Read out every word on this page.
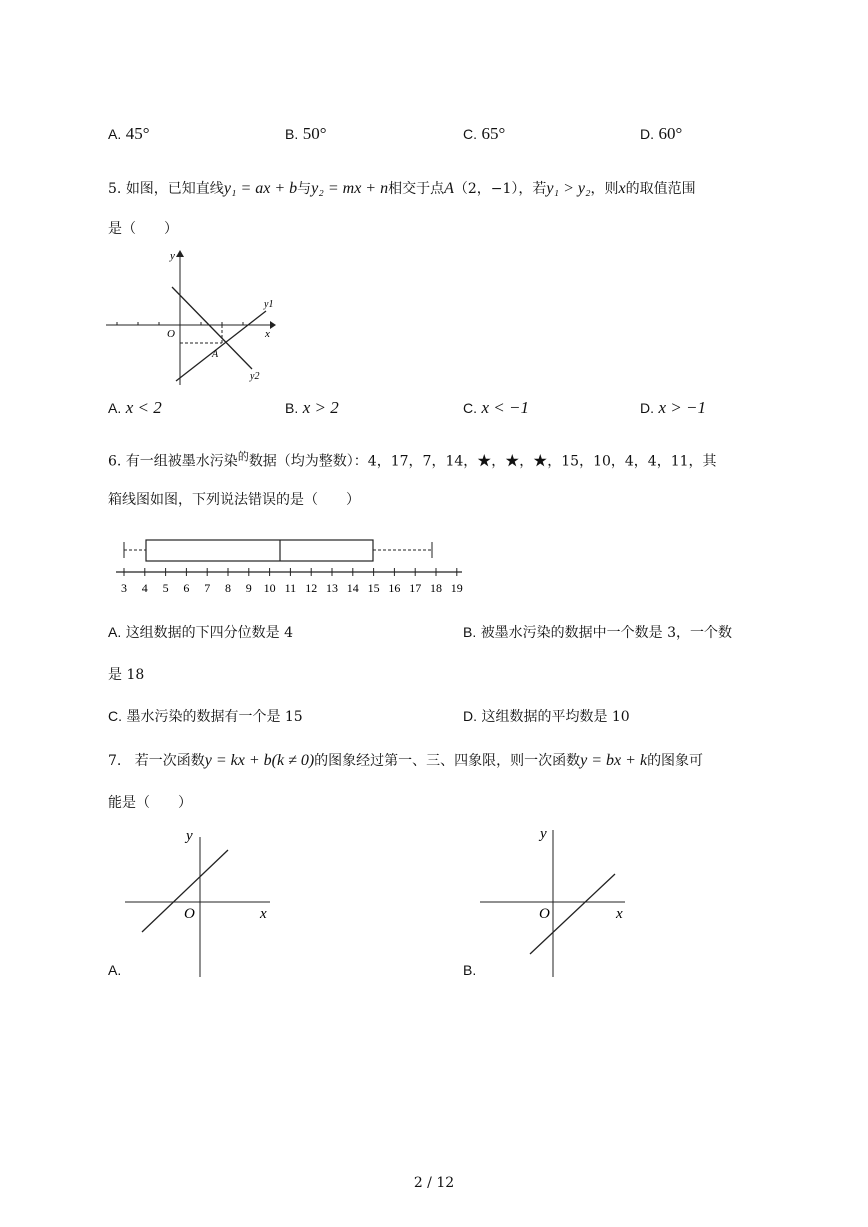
A. 45°	B. 50°	C. 65°	D. 60°
5. 如图，已知直线y₁ = ax + b与y₂ = mx + n相交于点A（2，−1），若y₁ > y₂，则x的取值范围
是（　　）
y
x
O
A
y1
y2
A. x < 2	B. x > 2	C. x < −1	D. x > −1
6. 有一组被墨水污染$^的$数据（均为整数）：4，17，7，14，★，★，★，15，10，4，4，11，其
箱线图如图，下列说法错误的是（　　）
3 4 5 6 7 8 9 10 11 12 13 14 15 16 17 18 19
A. 这组数据的下四分位数是 4	B. 被墨水污染的数据中一个数是 3，一个数
是 18
C. 墨水污染的数据有一个是 15	D. 这组数据的平均数是 10
7. 若一次函数y = kx + b(k ≠ 0)的图象经过第一、三、四象限，则一次函数y = bx + k的图象可
能是（　　）
y
x
O
A.
y
x
O
B.
2 / 12
